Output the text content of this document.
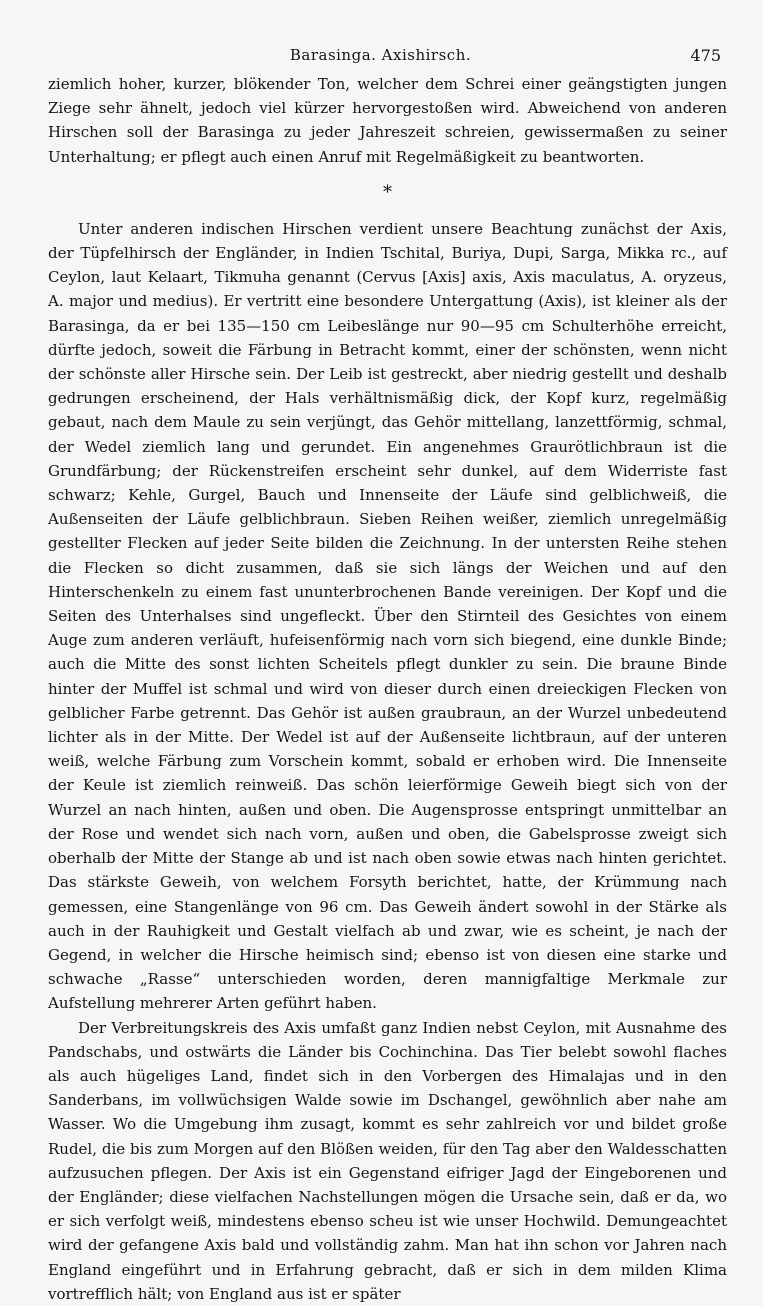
Barasinga. Axishirsch.	475

ziemlich hoher, kurzer, blökender Ton, welcher dem Schrei einer geängstigten jungen Ziege sehr ähnelt, jedoch viel kürzer hervorgestoßen wird. Abweichend von anderen Hirschen soll der Barasinga zu jeder Jahreszeit schreien, gewissermaßen zu seiner Unterhaltung; er pflegt auch einen Anruf mit Regelmäßigkeit zu beantworten.

*

Unter anderen indischen Hirschen verdient unsere Beachtung zunächst der Axis, der Tüpfelhirsch der Engländer, in Indien Tschital, Buriya, Dupi, Sarga, Mikka rc., auf Ceylon, laut Kelaart, Tikmuha genannt (Cervus [Axis] axis, Axis maculatus, A. oryzeus, A. major und medius). Er vertritt eine besondere Untergattung (Axis), ist kleiner als der Barasinga, da er bei 135—150 cm Leibeslänge nur 90—95 cm Schulterhöhe erreicht, dürfte jedoch, soweit die Färbung in Betracht kommt, einer der schönsten, wenn nicht der schönste aller Hirsche sein. Der Leib ist gestreckt, aber niedrig gestellt und deshalb gedrungen erscheinend, der Hals verhältnismäßig dick, der Kopf kurz, regelmäßig gebaut, nach dem Maule zu sein verjüngt, das Gehör mittellang, lanzettförmig, schmal, der Wedel ziemlich lang und gerundet. Ein angenehmes Graurötlichbraun ist die Grundfärbung; der Rückenstreifen erscheint sehr dunkel, auf dem Widerriste fast schwarz; Kehle, Gurgel, Bauch und Innenseite der Läufe sind gelblichweiß, die Außenseiten der Läufe gelblichbraun. Sieben Reihen weißer, ziemlich unregelmäßig gestellter Flecken auf jeder Seite bilden die Zeichnung. In der untersten Reihe stehen die Flecken so dicht zusammen, daß sie sich längs der Weichen und auf den Hinterschenkeln zu einem fast ununterbrochenen Bande vereinigen. Der Kopf und die Seiten des Unterhalses sind ungefleckt. Über den Stirnteil des Gesichtes von einem Auge zum anderen verläuft, hufeisenförmig nach vorn sich biegend, eine dunkle Binde; auch die Mitte des sonst lichten Scheitels pflegt dunkler zu sein. Die braune Binde hinter der Muffel ist schmal und wird von dieser durch einen dreieckigen Flecken von gelblicher Farbe getrennt. Das Gehör ist außen graubraun, an der Wurzel unbedeutend lichter als in der Mitte. Der Wedel ist auf der Außenseite lichtbraun, auf der unteren weiß, welche Färbung zum Vorschein kommt, sobald er erhoben wird. Die Innenseite der Keule ist ziemlich reinweiß. Das schön leierförmige Geweih biegt sich von der Wurzel an nach hinten, außen und oben. Die Augensprosse entspringt unmittelbar an der Rose und wendet sich nach vorn, außen und oben, die Gabelsprosse zweigt sich oberhalb der Mitte der Stange ab und ist nach oben sowie etwas nach hinten gerichtet. Das stärkste Geweih, von welchem Forsyth berichtet, hatte, der Krümmung nach gemessen, eine Stangenlänge von 96 cm. Das Geweih ändert sowohl in der Stärke als auch in der Rauhigkeit und Gestalt vielfach ab und zwar, wie es scheint, je nach der Gegend, in welcher die Hirsche heimisch sind; ebenso ist von diesen eine starke und schwache „Rasse“ unterschieden worden, deren mannigfaltige Merkmale zur Aufstellung mehrerer Arten geführt haben.

Der Verbreitungskreis des Axis umfaßt ganz Indien nebst Ceylon, mit Ausnahme des Pandschabs, und ostwärts die Länder bis Cochinchina. Das Tier belebt sowohl flaches als auch hügeliges Land, findet sich in den Vorbergen des Himalajas und in den Sanderbans, im vollwüchsigen Walde sowie im Dschangel, gewöhnlich aber nahe am Wasser. Wo die Umgebung ihm zusagt, kommt es sehr zahlreich vor und bildet große Rudel, die bis zum Morgen auf den Blößen weiden, für den Tag aber den Waldesschatten aufzusuchen pflegen. Der Axis ist ein Gegenstand eifriger Jagd der Eingeborenen und der Engländer; diese vielfachen Nachstellungen mögen die Ursache sein, daß er da, wo er sich verfolgt weiß, mindestens ebenso scheu ist wie unser Hochwild. Demungeachtet wird der gefangene Axis bald und vollständig zahm. Man hat ihn schon vor Jahren nach England eingeführt und in Erfahrung gebracht, daß er sich in dem milden Klima vortrefflich hält; von England aus ist er später
